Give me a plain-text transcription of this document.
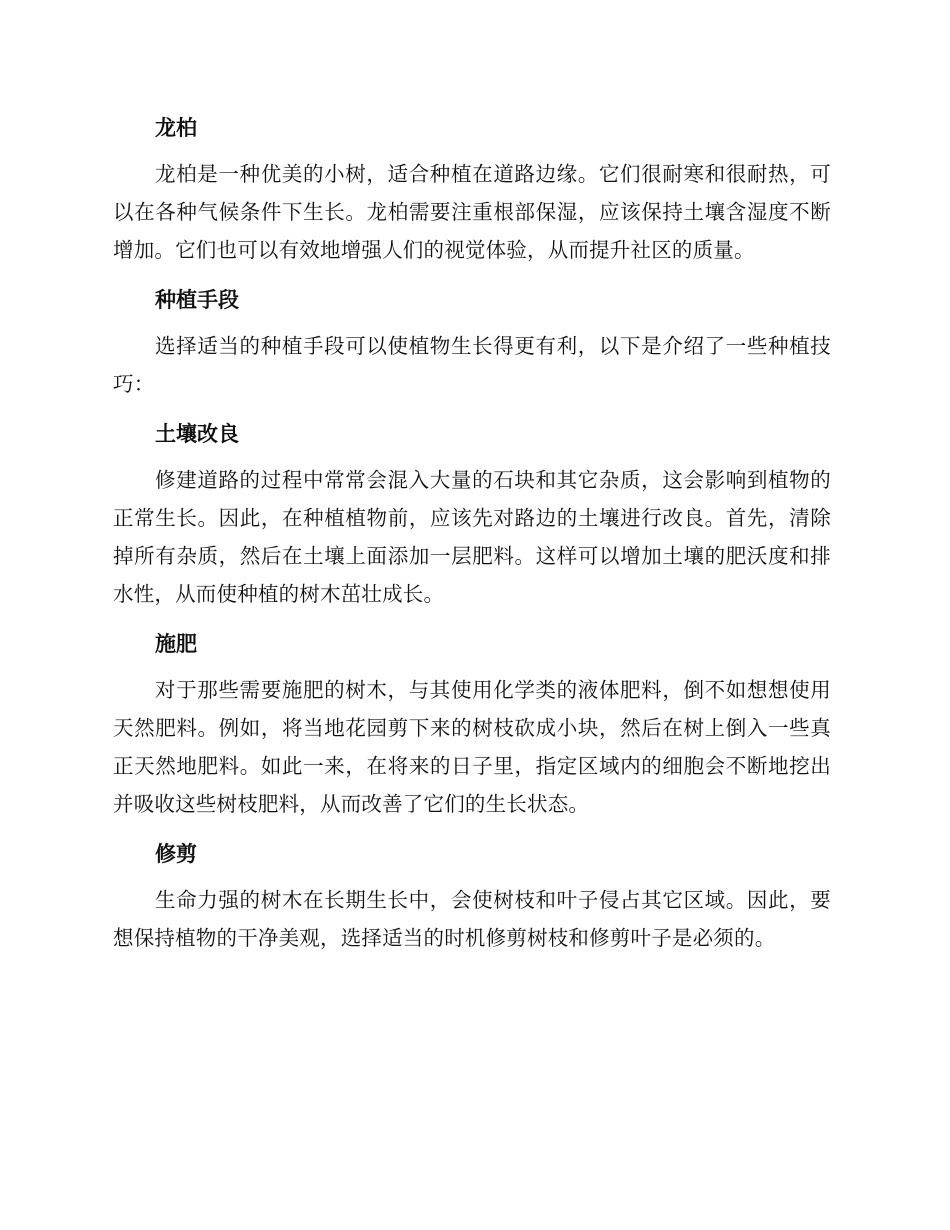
龙柏

龙柏是一种优美的小树，适合种植在道路边缘。它们很耐寒和很耐热，可以在各种气候条件下生长。龙柏需要注重根部保湿，应该保持土壤含湿度不断增加。它们也可以有效地增强人们的视觉体验，从而提升社区的质量。

种植手段

选择适当的种植手段可以使植物生长得更有利，以下是介绍了一些种植技巧：

土壤改良

修建道路的过程中常常会混入大量的石块和其它杂质，这会影响到植物的正常生长。因此，在种植植物前，应该先对路边的土壤进行改良。首先，清除掉所有杂质，然后在土壤上面添加一层肥料。这样可以增加土壤的肥沃度和排水性，从而使种植的树木茁壮成长。

施肥

对于那些需要施肥的树木，与其使用化学类的液体肥料，倒不如想想使用天然肥料。例如，将当地花园剪下来的树枝砍成小块，然后在树上倒入一些真正天然地肥料。如此一来，在将来的日子里，指定区域内的细胞会不断地挖出并吸收这些树枝肥料，从而改善了它们的生长状态。

修剪

生命力强的树木在长期生长中，会使树枝和叶子侵占其它区域。因此，要想保持植物的干净美观，选择适当的时机修剪树枝和修剪叶子是必须的。
